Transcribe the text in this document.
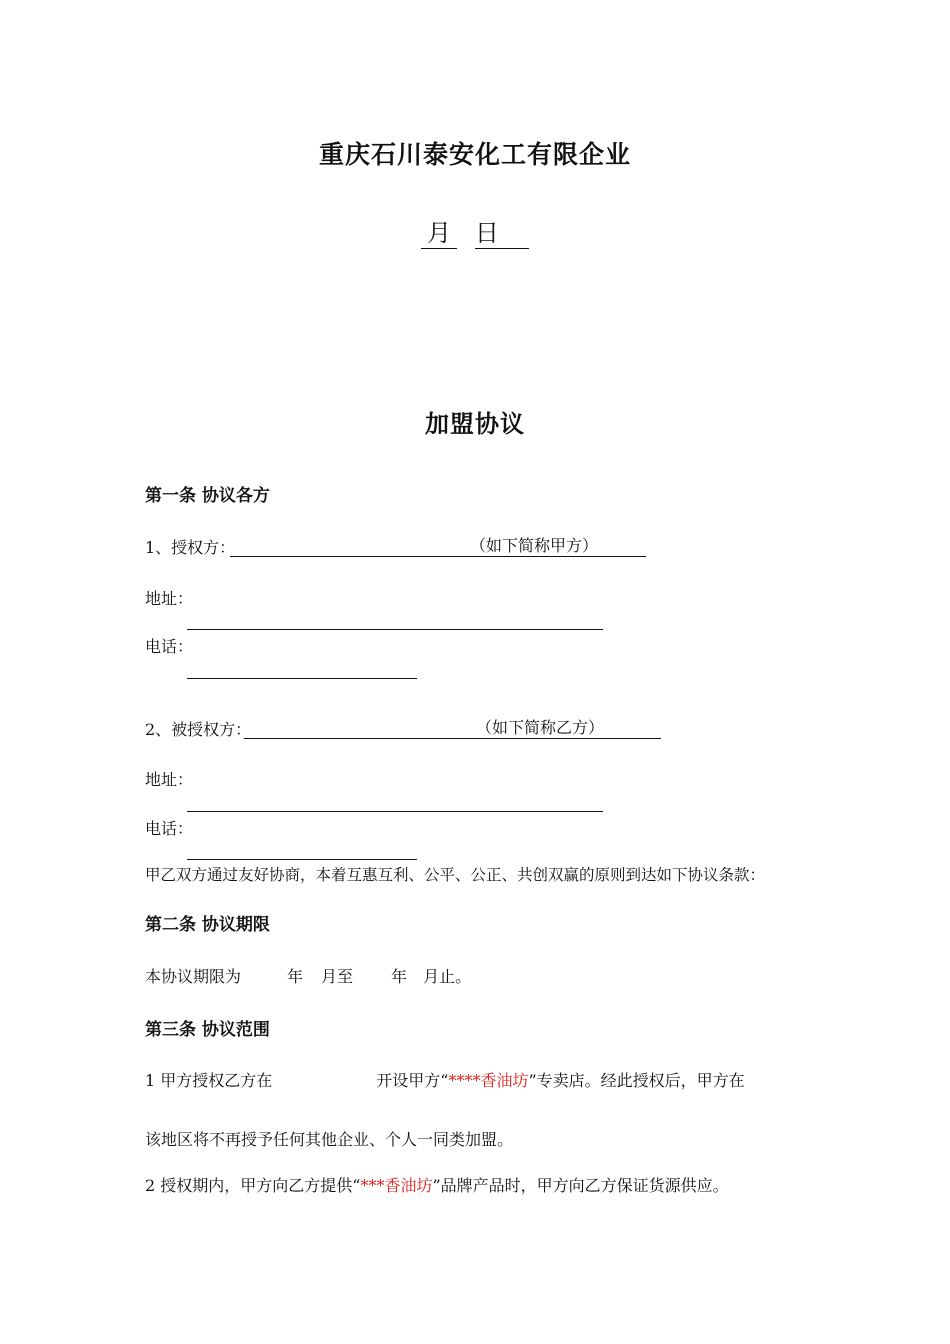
重庆石川泰安化工有限企业
月 日
加盟协议
第一条 协议各方
1、授权方：	（如下简称甲方）
地址：
电话：
2、被授权方：	（如下简称乙方）
地址：
电话：
甲乙双方通过友好协商，本着互惠互利、公平、公正、共创双赢的原则到达如下协议条款：
第二条 协议期限
本协议期限为	年 月至 年 月止。
第三条 协议范围
1 甲方授权乙方在	开设甲方“****香油坊”专卖店。经此授权后，甲方在
该地区将不再授予任何其他企业、个人一同类加盟。
2 授权期内，甲方向乙方提供“***香油坊”品牌产品时，甲方向乙方保证货源供应。
